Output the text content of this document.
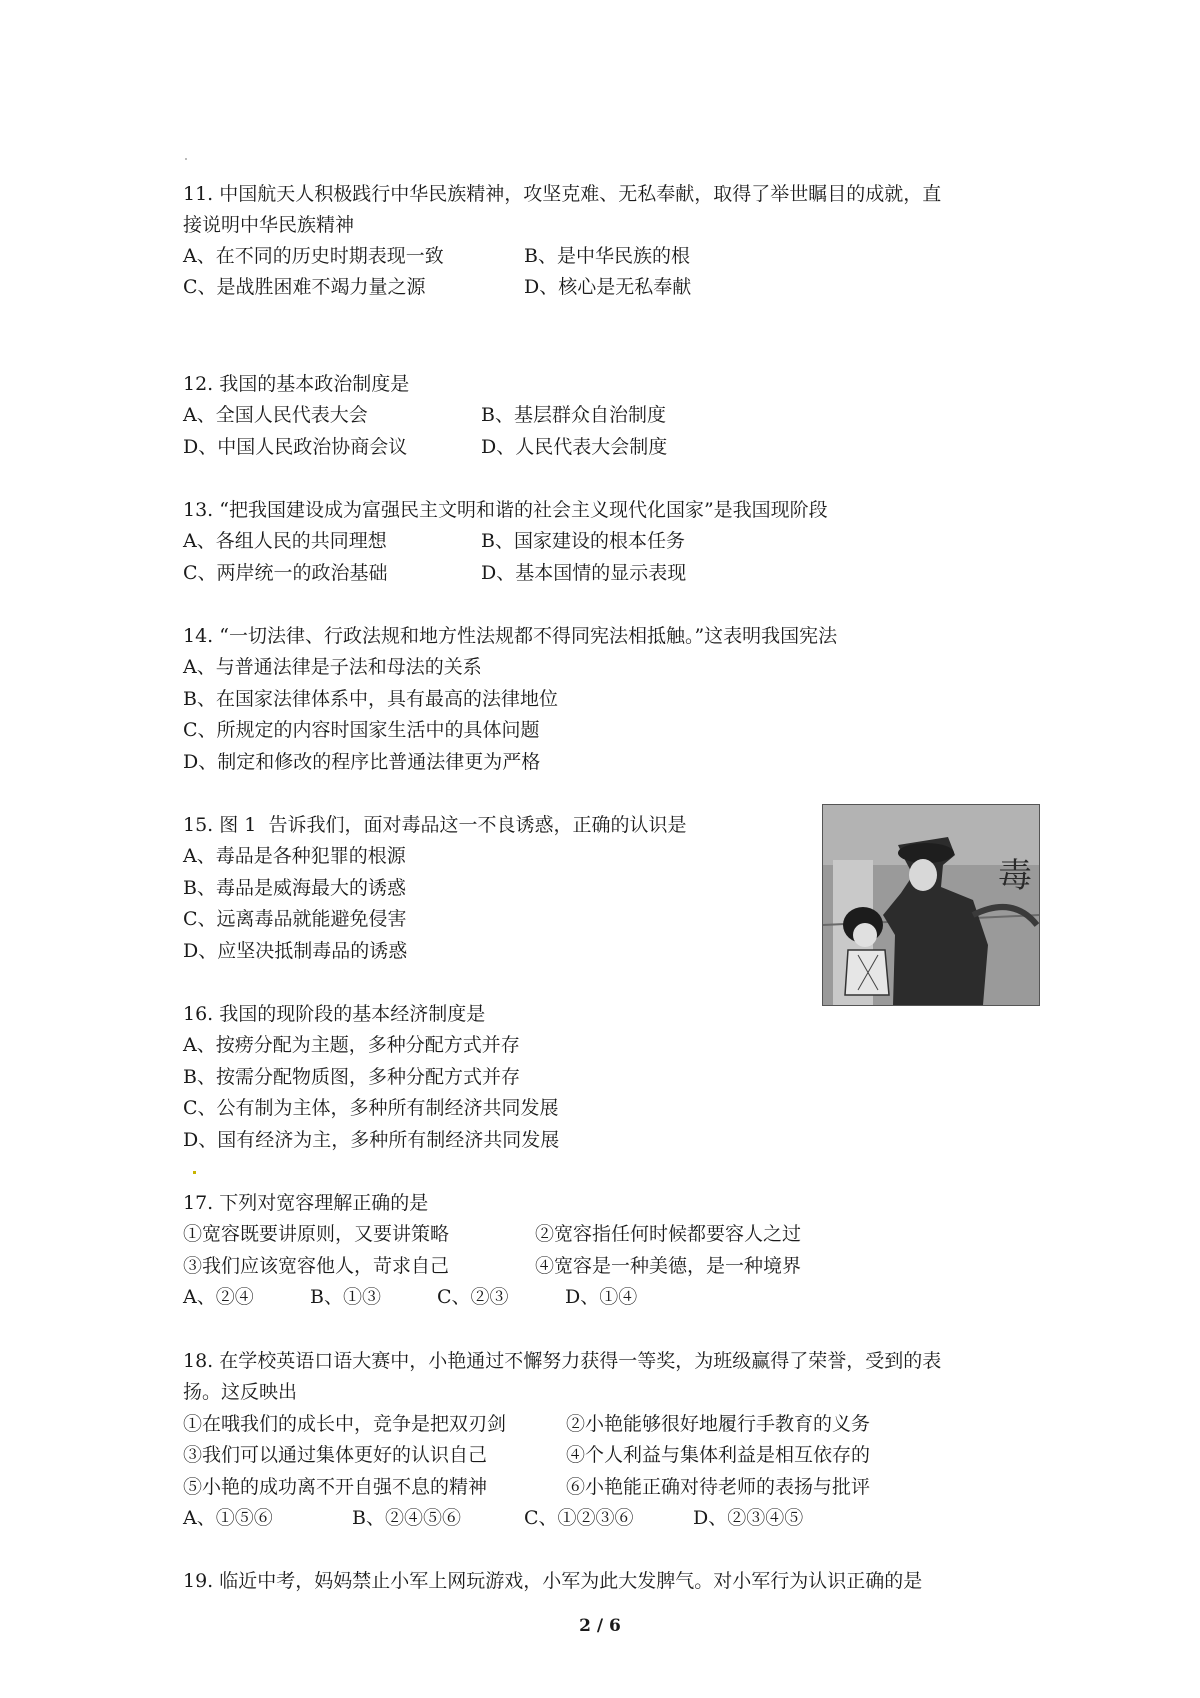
11. 中国航天人积极践行中华民族精神，攻坚克难、无私奉献，取得了举世瞩目的成就，直
接说明中华民族精神
A、在不同的历史时期表现一致	B、是中华民族的根
C、是战胜困难不竭力量之源	D、核心是无私奉献
12. 我国的基本政治制度是
A、全国人民代表大会	B、基层群众自治制度
D、中国人民政治协商会议	D、人民代表大会制度
13. “把我国建设成为富强民主文明和谐的社会主义现代化国家”是我国现阶段
A、各组人民的共同理想	B、国家建设的根本任务
C、两岸统一的政治基础	D、基本国情的显示表现
14. “一切法律、行政法规和地方性法规都不得同宪法相抵触。”这表明我国宪法
A、与普通法律是子法和母法的关系
B、在国家法律体系中，具有最高的法律地位
C、所规定的内容时国家生活中的具体问题
D、制定和修改的程序比普通法律更为严格
15. 图 1  告诉我们，面对毒品这一不良诱惑，正确的认识是
A、毒品是各种犯罪的根源
B、毒品是威海最大的诱惑
C、远离毒品就能避免侵害
D、应坚决抵制毒品的诱惑
毒
16. 我国的现阶段的基本经济制度是
A、按痨分配为主题，多种分配方式并存
B、按需分配物质图，多种分配方式并存
C、公有制为主体，多种所有制经济共同发展
D、国有经济为主，多种所有制经济共同发展
17. 下列对宽容理解正确的是
①宽容既要讲原则，又要讲策略	②宽容指任何时候都要容人之过
③我们应该宽容他人，苛求自己	④宽容是一种美德，是一种境界
A、②④	B、①③	C、②③	D、①④
18. 在学校英语口语大赛中，小艳通过不懈努力获得一等奖，为班级赢得了荣誉，受到的表
扬。这反映出
①在哦我们的成长中，竞争是把双刃剑	②小艳能够很好地履行手教育的义务
③我们可以通过集体更好的认识自己	④个人利益与集体利益是相互依存的
⑤小艳的成功离不开自强不息的精神	⑥小艳能正确对待老师的表扬与批评
A、①⑤⑥	B、②④⑤⑥	C、①②③⑥	D、②③④⑤
19. 临近中考，妈妈禁止小军上网玩游戏，小军为此大发脾气。对小军行为认识正确的是
2 / 6
